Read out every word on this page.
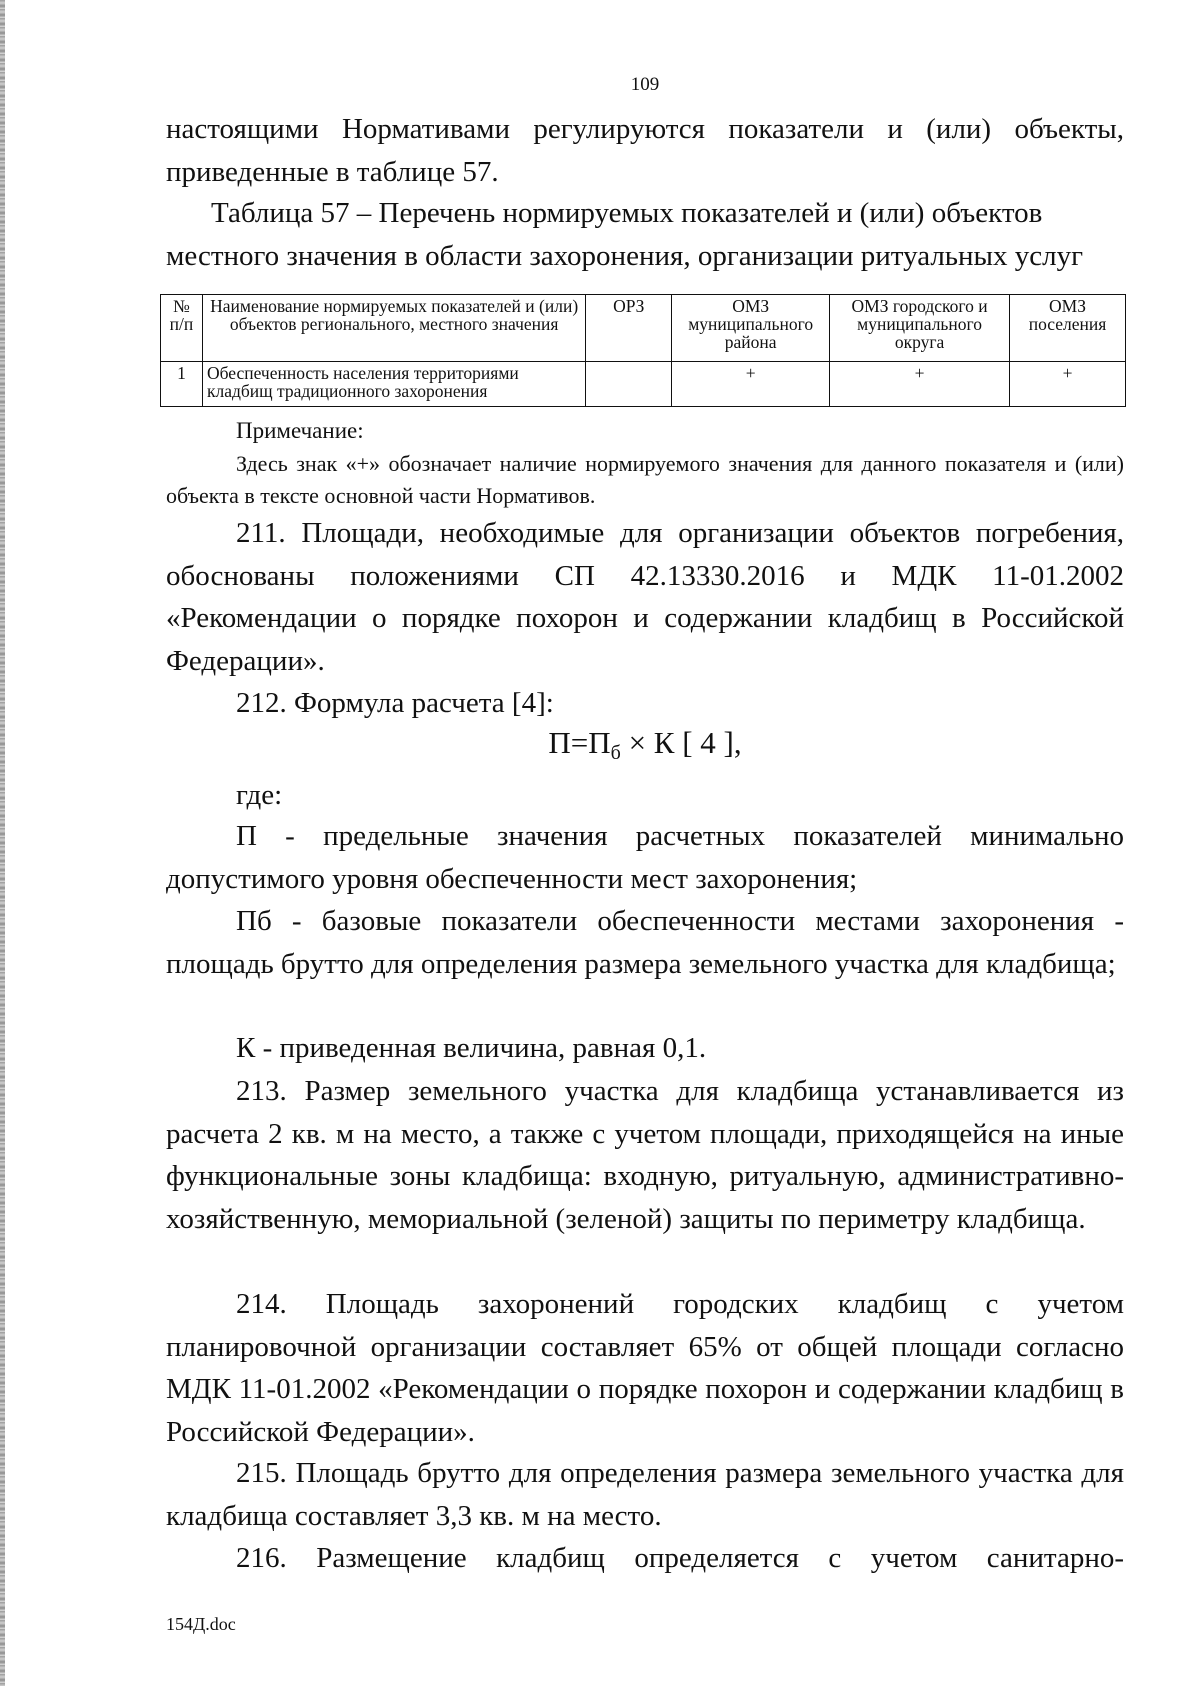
109

настоящими Нормативами регулируются показатели и (или) объекты, приведенные в таблице 57.

Таблица 57 – Перечень нормируемых показателей и (или) объектов местного значения в области захоронения, организации ритуальных услуг

№ п/п	Наименование нормируемых показателей и (или) объектов регионального, местного значения	ОРЗ	ОМЗ муниципального района	ОМЗ городского и муниципального округа	ОМЗ поселения
1	Обеспеченность населения территориями кладбищ традиционного захоронения		+	+	+

Примечание:

Здесь знак «+» обозначает наличие нормируемого значения для данного показателя и (или) объекта в тексте основной части Нормативов.

211. Площади, необходимые для организации объектов погребения, обоснованы положениями СП 42.13330.2016 и МДК 11-01.2002 «Рекомендации о порядке похорон и содержании кладбищ в Российской Федерации».

212. Формула расчета [4]:

$П=П_б \times К$ [ 4 ],

где:

П - предельные значения расчетных показателей минимально допустимого уровня обеспеченности мест захоронения;

Пб - базовые показатели обеспеченности местами захоронения - площадь брутто для определения размера земельного участка для кладбища;

К - приведенная величина, равная 0,1.

213. Размер земельного участка для кладбища устанавливается из расчета 2 кв. м на место, а также с учетом площади, приходящейся на иные функциональные зоны кладбища: входную, ритуальную, административно-хозяйственную, мемориальной (зеленой) защиты по периметру кладбища.

214. Площадь захоронений городских кладбищ с учетом планировочной организации составляет 65% от общей площади согласно МДК 11-01.2002 «Рекомендации о порядке похорон и содержании кладбищ в Российской Федерации».

215. Площадь брутто для определения размера земельного участка для кладбища составляет 3,3 кв. м на место.

216. Размещение кладбищ определяется с учетом санитарно-

154Д.doc
